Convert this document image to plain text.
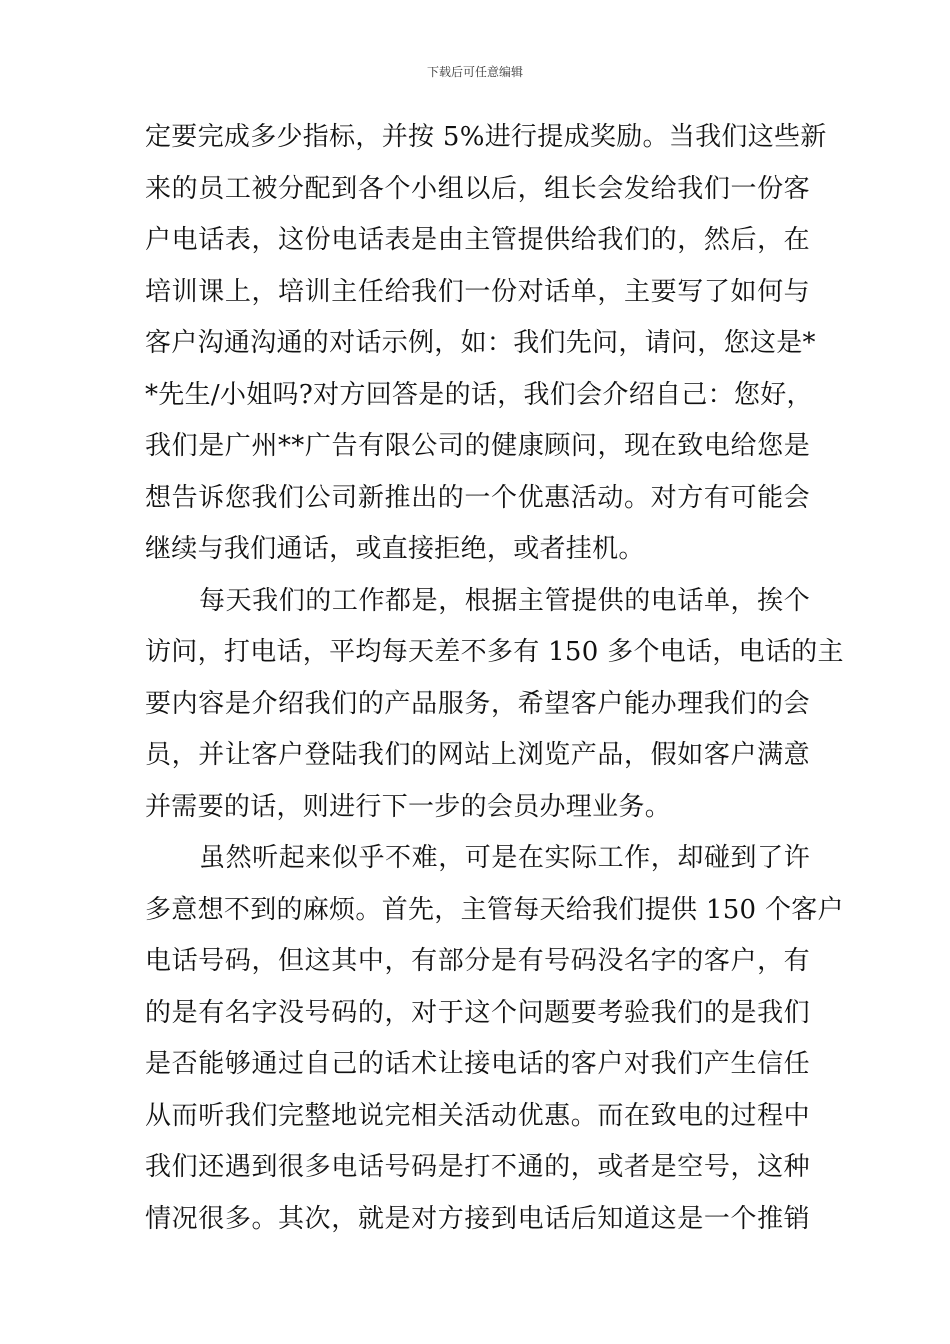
下载后可任意编辑
定要完成多少指标，并按 5%进行提成奖励。当我们这些新
来的员工被分配到各个小组以后，组长会发给我们一份客
户电话表，这份电话表是由主管提供给我们的，然后，在
培训课上，培训主任给我们一份对话单，主要写了如何与
客户沟通沟通的对话示例，如：我们先问，请问，您这是*
*先生/小姐吗?对方回答是的话，我们会介绍自己：您好，
我们是广州**广告有限公司的健康顾问，现在致电给您是
想告诉您我们公司新推出的一个优惠活动。对方有可能会
继续与我们通话，或直接拒绝，或者挂机。
每天我们的工作都是，根据主管提供的电话单，挨个
访问，打电话，平均每天差不多有 150 多个电话，电话的主
要内容是介绍我们的产品服务，希望客户能办理我们的会
员，并让客户登陆我们的网站上浏览产品，假如客户满意
并需要的话，则进行下一步的会员办理业务。
虽然听起来似乎不难，可是在实际工作，却碰到了许
多意想不到的麻烦。首先，主管每天给我们提供 150 个客户
电话号码，但这其中，有部分是有号码没名字的客户，有
的是有名字没号码的，对于这个问题要考验我们的是我们
是否能够通过自己的话术让接电话的客户对我们产生信任
从而听我们完整地说完相关活动优惠。而在致电的过程中
我们还遇到很多电话号码是打不通的，或者是空号，这种
情况很多。其次，就是对方接到电话后知道这是一个推销
